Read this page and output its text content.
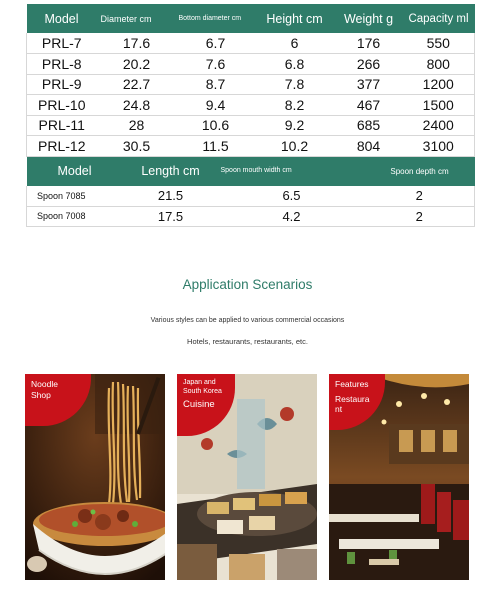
Model	Diameter cm	Bottom diameter cm	Height cm	Weight g	Capacity ml
PRL-7	17.6	6.7	6	176	550
PRL-8	20.2	7.6	6.8	266	800
PRL-9	22.7	8.7	7.8	377	1200
PRL-10	24.8	9.4	8.2	467	1500
PRL-11	28	10.6	9.2	685	2400
PRL-12	30.5	11.5	10.2	804	3100
Model	Length cm	Spoon mouth width cm	Spoon depth cm
Spoon 7085	21.5	6.5	2
Spoon 7008	17.5	4.2	2
Application Scenarios
Various styles can be applied to various commercial occasions
Hotels, restaurants, restaurants, etc.
Noodle
Shop
Japan and
South Korea
Cuisine
Features
Restaura
nt
